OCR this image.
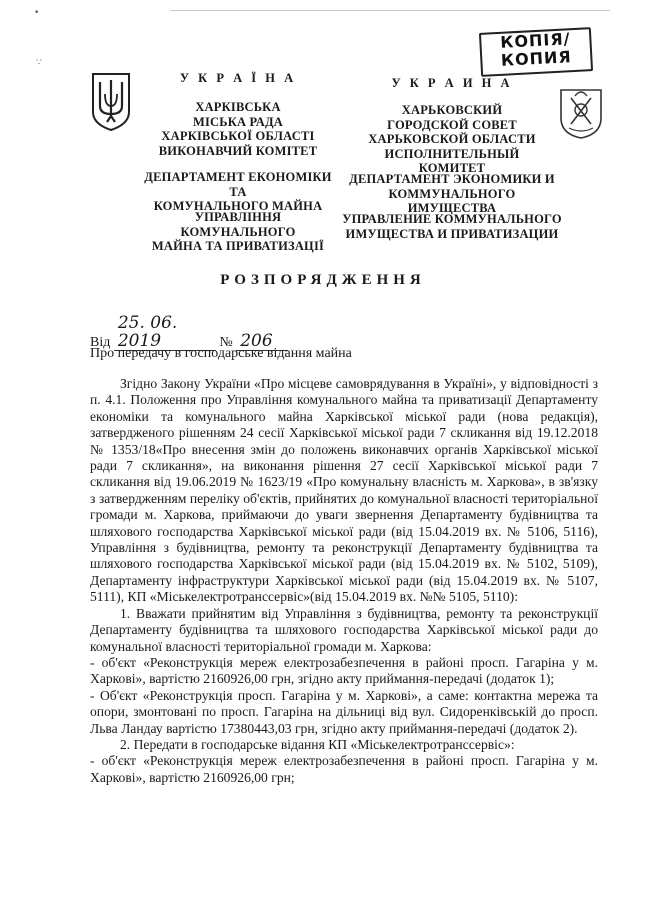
•
∵
КОПІЯ/
КОПИЯ
У К Р А Ї Н А
ХАРКІВСЬКА
МІСЬКА РАДА
ХАРКІВСЬКОЇ ОБЛАСТІ
ВИКОНАВЧИЙ КОМІТЕТ
ДЕПАРТАМЕНТ ЕКОНОМІКИ ТА
КОМУНАЛЬНОГО МАЙНА
УПРАВЛІННЯ КОМУНАЛЬНОГО
МАЙНА ТА ПРИВАТИЗАЦІЇ
У К Р А И Н А
ХАРЬКОВСКИЙ
ГОРОДСКОЙ СОВЕТ
ХАРЬКОВСКОЙ ОБЛАСТИ
ИСПОЛНИТЕЛЬНЫЙ КОМИТЕТ
ДЕПАРТАМЕНТ ЭКОНОМИКИ И
КОММУНАЛЬНОГО ИМУЩЕСТВА
УПРАВЛЕНИЕ КОММУНАЛЬНОГО
ИМУЩЕСТВА И ПРИВАТИЗАЦИИ
РОЗПОРЯДЖЕННЯ
Від 25. 06. 2019	№ 206
Про передачу в господарське відання майна

Згідно Закону України «Про місцеве самоврядування в Україні», у відповідності з п. 4.1. Положення про Управління комунального майна та приватизації Департаменту економіки та комунального майна Харківської міської ради (нова редакція), затвердженого рішенням 24 сесії Харківської міської ради 7 скликання від 19.12.2018 № 1353/18«Про внесення змін до положень виконавчих органів Харківської міської ради 7 скликання», на виконання рішення 27 сесії Харківської міської ради 7 скликання від 19.06.2019 № 1623/19 «Про комунальну власність м. Харкова», в зв'язку з затвердженням переліку об'єктів, прийнятих до комунальної власності територіальної громади м. Харкова, приймаючи до уваги звернення Департаменту будівництва та шляхового господарства Харківської міської ради (від 15.04.2019 вх. № 5106, 5116), Управління з будівництва, ремонту та реконструкції Департаменту будівництва та шляхового господарства Харківської міської ради (від 15.04.2019 вх. № 5102, 5109), Департаменту інфраструктури Харківської міської ради (від 15.04.2019 вх. № 5107, 5111), КП «Міськелектротранссервіс»(від 15.04.2019 вх. №№ 5105, 5110):

1. Вважати прийнятим від Управління з будівництва, ремонту та реконструкції Департаменту будівництва та шляхового господарства Харківської міської ради до комунальної власності територіальної громади м. Харкова:

- об'єкт «Реконструкція мереж електрозабезпечення в районі просп. Гагаріна у м. Харкові», вартістю 2160926,00 грн, згідно акту приймання-передачі (додаток 1);

- Об'єкт «Реконструкція просп. Гагаріна у м. Харкові», а саме: контактна мережа та опори, змонтовані по просп. Гагаріна на дільниці від вул. Сидоренківській до просп. Льва Ландау вартістю 17380443,03 грн, згідно акту приймання-передачі (додаток 2).

2. Передати в господарське відання КП «Міськелектротранссервіс»:

- об'єкт «Реконструкція мереж електрозабезпечення в районі просп. Гагаріна у м. Харкові», вартістю 2160926,00 грн;
